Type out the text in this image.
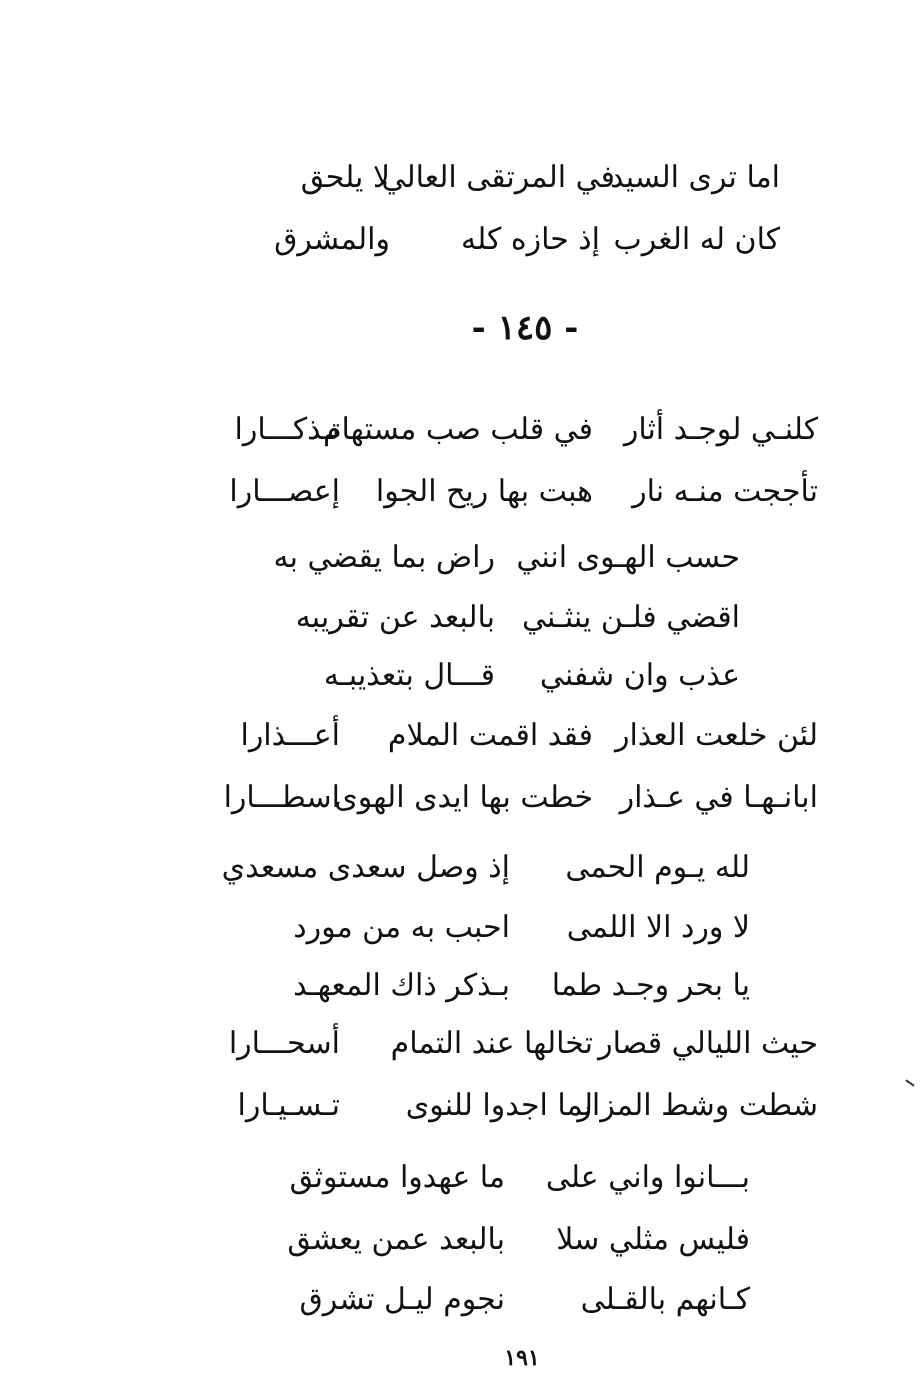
اما ترى السيد
في المرتقى العالي
لا يلحق
كان له الغرب
إذ حازه كله
والمشرق
- ١٤٥ -
كلنـي لوجـد أثار
في قلب صب مستهام
تـذكـــارا
تأججت منـه نار
هبت بها ريح الجوا
إعصـــارا
حسب الهـوى انني
راض بما يقضي به
اقضي فلـن ينثـني
بالبعد عن تقريبه
عذب وان شفني
قـــال بتعذيبـه
لئن خلعت العذار
فقد اقمت الملام
أعـــذارا
ابانـهـا في عـذار
خطت بها ايدى الهوى
اسطـــارا
لله يـوم الحمى
إذ وصل سعدى مسعدي
لا ورد الا اللمى
احبب به من مورد
يا بحر وجـد طما
بـذكر ذاك المعهـد
حيث الليالي قصار
تخالها عند التمام
أسحـــارا
شطت وشط المزار
لما اجدوا للنوى
تـسـيـارا
بـــانوا واني على
ما عهدوا مستوثق
فليس مثلي سلا
بالبعد عمن يعشق
كـانهم بالقـلى
نجوم ليـل تشرق
١٩١
